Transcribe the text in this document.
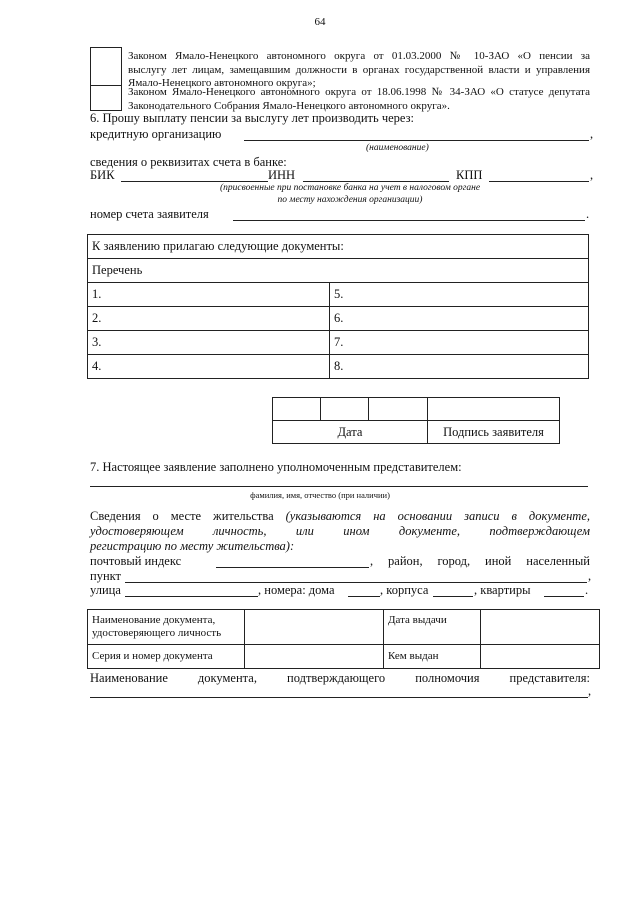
64
Законом Ямало-Ненецкого автономного округа от 01.03.2000 № 10-ЗАО «О пенсии за
выслугу лет лицам, замещавшим должности в органах государственной власти и управления
Ямало-Ненецкого автономного округа»;
Законом Ямало-Ненецкого автономного округа от 18.06.1998 № 34-ЗАО «О статусе депутата
Законодательного Собрания Ямало-Ненецкого автономного округа».
6. Прошу выплату пенсии за выслугу лет производить через:
кредитную организацию	,
(наименование)
сведения о реквизитах счета в банке:
БИК	ИНН	КПП	,
(присвоенные при постановке банка на учет в налоговом органе
по месту нахождения организации)
номер счета заявителя	.
К заявлению прилагаю следующие документы:	
Перечень	
1.	5.
2.	6.
3.	7.
4.	8.

Дата			Подпись заявителя
7. Настоящее заявление заполнено уполномоченным представителем:
фамилия, имя, отчество (при наличии)
Сведения о месте жительства (указываются на основании записи в документе,
удостоверяющем личность, или ином документе, подтверждающем
регистрацию по месту жительства):
почтовый индекс	, район, город, иной населенный
пункт	,
улица	, номера: дома	, корпуса	, квартиры	.
Наименование документа,
удостоверяющего личность		Дата выдачи	
Серия и номер документа		Кем выдан	
Наименование документа, подтверждающего полномочия представителя:
,
